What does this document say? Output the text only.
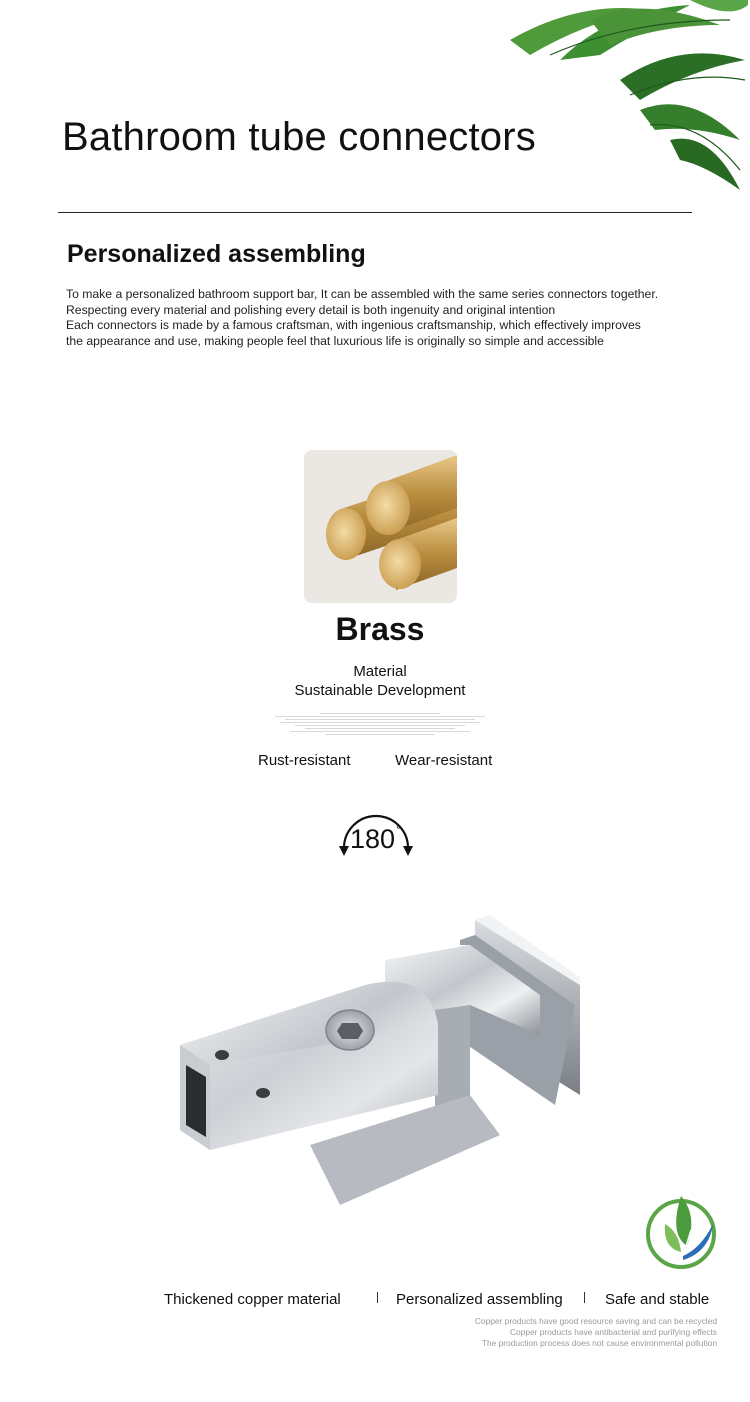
Bathroom tube connectors
Personalized assembling
To make a personalized bathroom support bar, It can be assembled with the same series connectors together.
Respecting every material and polishing every detail is both ingenuity and original intention
Each connectors is made by a famous craftsman, with ingenious craftsmanship, which effectively improves
the appearance and use, making people feel that luxurious life is originally so simple and accessible
Brass
Material
Sustainable Development
Rust-resistant	Wear-resistant
180 °
Thickened copper material	Personalized assembling	Safe and stable
Copper products have good resource saving and can be recycled
Copper products have antibacterial and purifying effects
The production process does not cause environmental pollution
